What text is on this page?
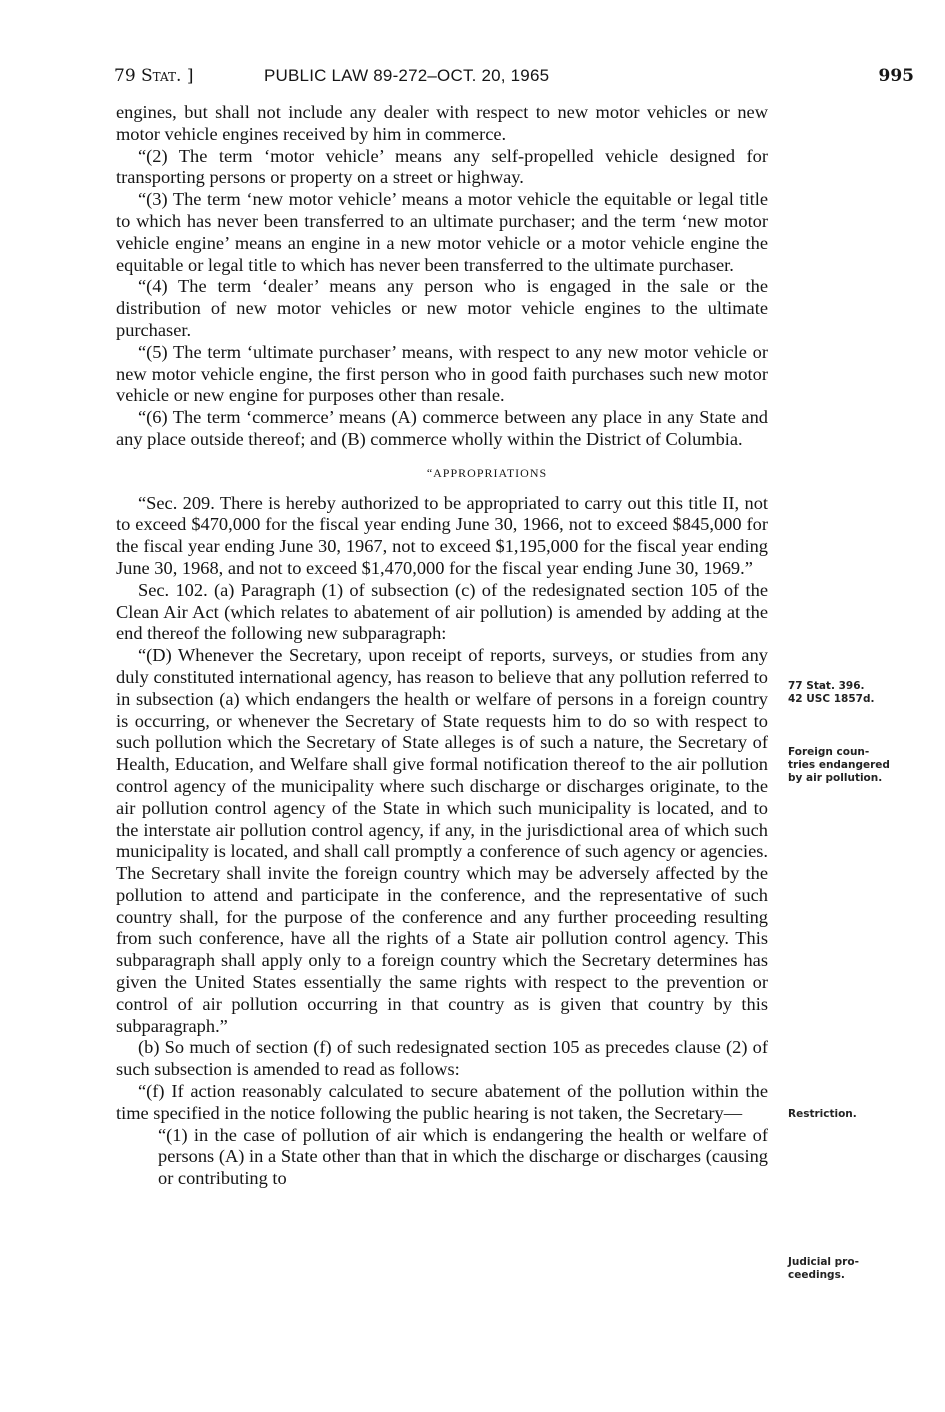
79 Stat. ]	PUBLIC LAW 89-272–OCT. 20, 1965	995

engines, but shall not include any dealer with respect to new motor vehicles or new motor vehicle engines received by him in commerce.

“(2) The term ‘motor vehicle’ means any self-propelled vehicle designed for transporting persons or property on a street or highway.

“(3) The term ‘new motor vehicle’ means a motor vehicle the equitable or legal title to which has never been transferred to an ultimate purchaser; and the term ‘new motor vehicle engine’ means an engine in a new motor vehicle or a motor vehicle engine the equitable or legal title to which has never been transferred to the ultimate purchaser.

“(4) The term ‘dealer’ means any person who is engaged in the sale or the distribution of new motor vehicles or new motor vehicle engines to the ultimate purchaser.

“(5) The term ‘ultimate purchaser’ means, with respect to any new motor vehicle or new motor vehicle engine, the first person who in good faith purchases such new motor vehicle or new engine for purposes other than resale.

“(6) The term ‘commerce’ means (A) commerce between any place in any State and any place outside thereof; and (B) commerce wholly within the District of Columbia.

“APPROPRIATIONS

“Sec. 209. There is hereby authorized to be appropriated to carry out this title II, not to exceed $470,000 for the fiscal year ending June 30, 1966, not to exceed $845,000 for the fiscal year ending June 30, 1967, not to exceed $1,195,000 for the fiscal year ending June 30, 1968, and not to exceed $1,470,000 for the fiscal year ending June 30, 1969.”

Sec. 102. (a) Paragraph (1) of subsection (c) of the redesignated section 105 of the Clean Air Act (which relates to abatement of air pollution) is amended by adding at the end thereof the following new subparagraph:

“(D) Whenever the Secretary, upon receipt of reports, surveys, or studies from any duly constituted international agency, has reason to believe that any pollution referred to in subsection (a) which endangers the health or welfare of persons in a foreign country is occurring, or whenever the Secretary of State requests him to do so with respect to such pollution which the Secretary of State alleges is of such a nature, the Secretary of Health, Education, and Welfare shall give formal notification thereof to the air pollution control agency of the municipality where such discharge or discharges originate, to the air pollution control agency of the State in which such municipality is located, and to the interstate air pollution control agency, if any, in the jurisdictional area of which such municipality is located, and shall call promptly a conference of such agency or agencies. The Secretary shall invite the foreign country which may be adversely affected by the pollution to attend and participate in the conference, and the representative of such country shall, for the purpose of the conference and any further proceeding resulting from such conference, have all the rights of a State air pollution control agency. This subparagraph shall apply only to a foreign country which the Secretary determines has given the United States essentially the same rights with respect to the prevention or control of air pollution occurring in that country as is given that country by this subparagraph.”

(b) So much of section (f) of such redesignated section 105 as precedes clause (2) of such subsection is amended to read as follows:

“(f) If action reasonably calculated to secure abatement of the pollution within the time specified in the notice following the public hearing is not taken, the Secretary—

“(1) in the case of pollution of air which is endangering the health or welfare of persons (A) in a State other than that in which the discharge or discharges (causing or contributing to

77 Stat. 396.
42 USC 1857d.
Foreign coun-
tries endangered
by air pollution.
Restriction.
Judicial pro-
ceedings.
